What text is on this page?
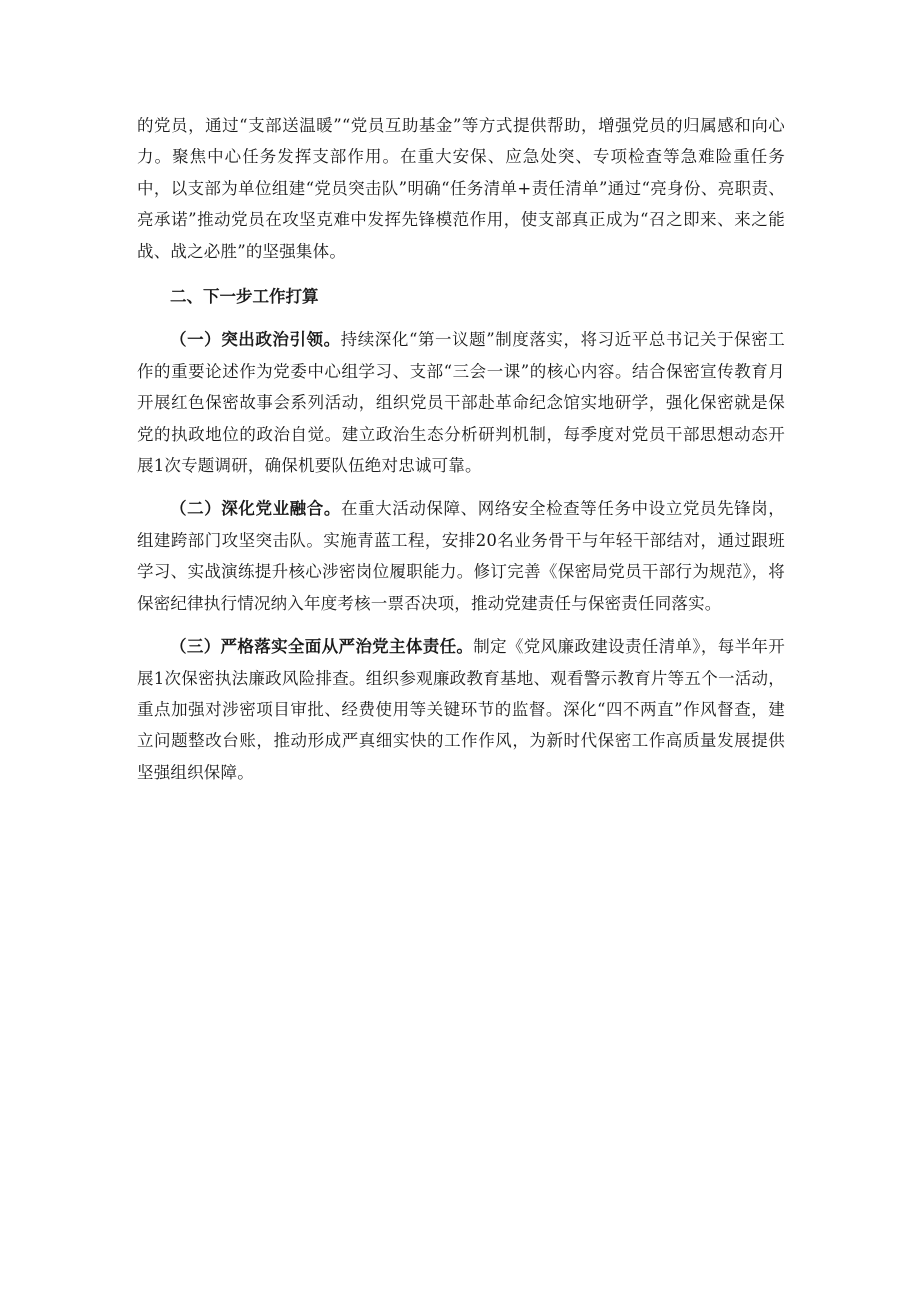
的党员，通过“支部送温暖”“党员互助基金”等方式提供帮助，增强党员的归属感和向心力。聚焦中心任务发挥支部作用。在重大安保、应急处突、专项检查等急难险重任务中，以支部为单位组建“党员突击队”明确“任务清单+责任清单”通过“亮身份、亮职责、亮承诺”推动党员在攻坚克难中发挥先锋模范作用，使支部真正成为“召之即来、来之能战、战之必胜”的坚强集体。

二、下一步工作打算

（一）突出政治引领。持续深化“第一议题”制度落实，将习近平总书记关于保密工作的重要论述作为党委中心组学习、支部“三会一课”的核心内容。结合保密宣传教育月开展红色保密故事会系列活动，组织党员干部赴革命纪念馆实地研学，强化保密就是保党的执政地位的政治自觉。建立政治生态分析研判机制，每季度对党员干部思想动态开展1次专题调研，确保机要队伍绝对忠诚可靠。

（二）深化党业融合。在重大活动保障、网络安全检查等任务中设立党员先锋岗，组建跨部门攻坚突击队。实施青蓝工程，安排20名业务骨干与年轻干部结对，通过跟班学习、实战演练提升核心涉密岗位履职能力。修订完善《保密局党员干部行为规范》，将保密纪律执行情况纳入年度考核一票否决项，推动党建责任与保密责任同落实。

（三）严格落实全面从严治党主体责任。制定《党风廉政建设责任清单》，每半年开展1次保密执法廉政风险排查。组织参观廉政教育基地、观看警示教育片等五个一活动，重点加强对涉密项目审批、经费使用等关键环节的监督。深化“四不两直”作风督查，建立问题整改台账，推动形成严真细实快的工作作风，为新时代保密工作高质量发展提供坚强组织保障。
